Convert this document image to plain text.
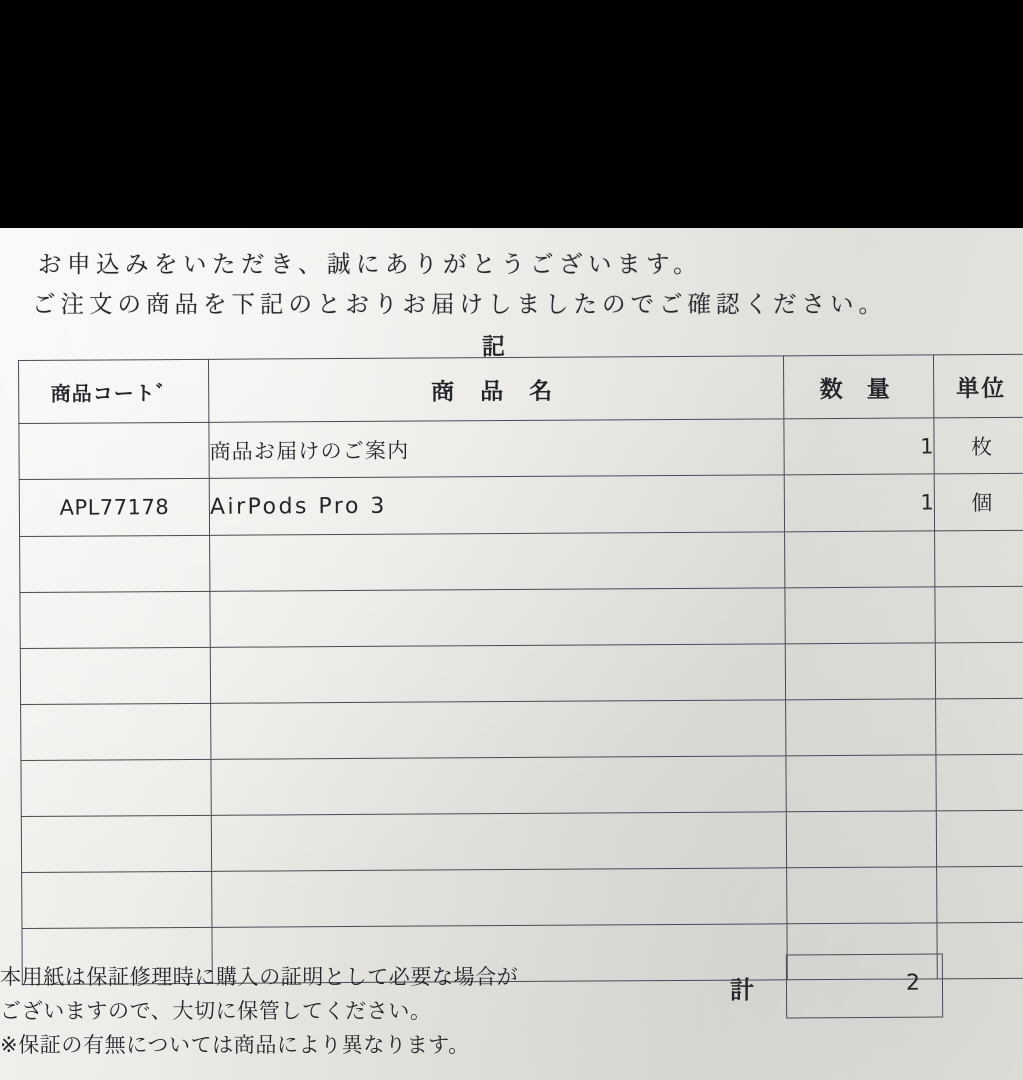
お申込みをいただき、誠にありがとうございます。
ご注文の商品を下記のとおりお届けしましたのでご確認ください。
記
商品コート゛	商 品 名	数 量	単位
	商品お届けのご案内	1	枚
APL77178	AirPods Pro 3	1	個

本用紙は保証修理時に購入の証明として必要な場合が
ございますので、大切に保管してください。
※保証の有無については商品により異なります。
計	2
